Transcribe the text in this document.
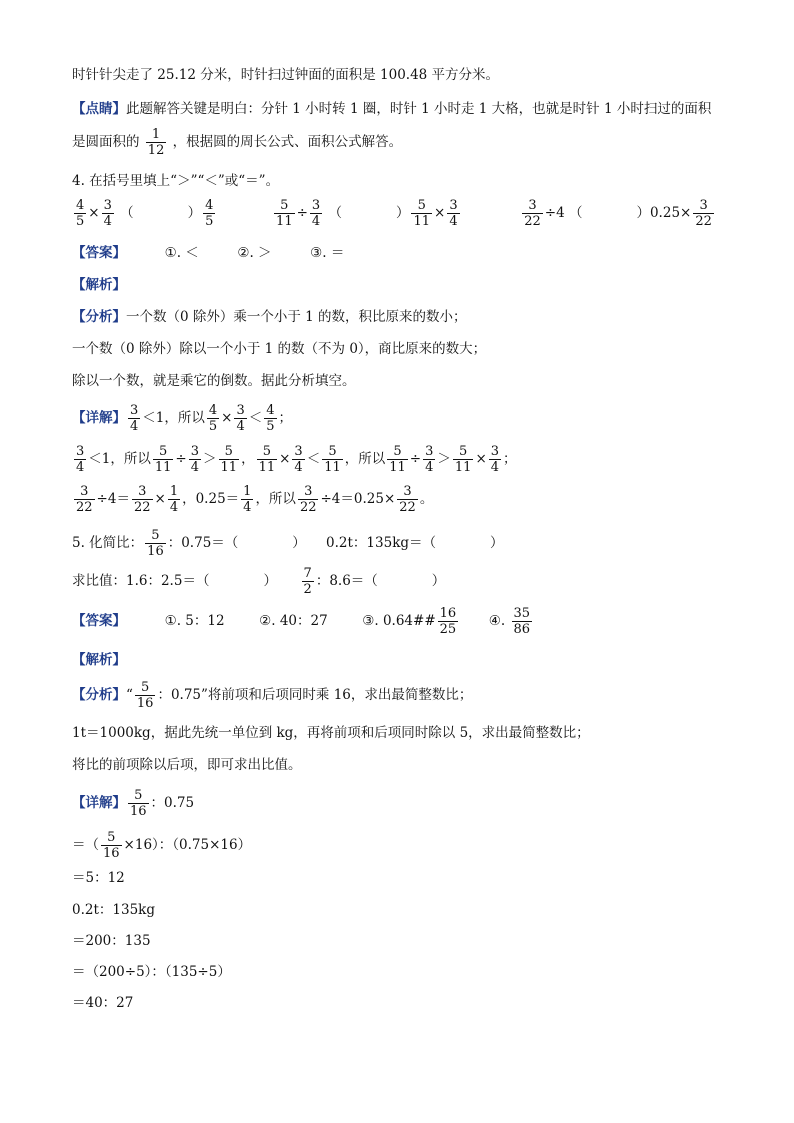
时针针尖走了 25.12 分米，时针扫过钟面的面积是 100.48 平方分米。
【点睛】此题解答关键是明白：分针 1 小时转 1 圈，时针 1 小时走 1 大格，也就是时针 1 小时扫过的面积
是圆面积的 $\frac{1}{12}$ ，根据圆的周长公式、面积公式解答。
4. 在括号里填上“＞”“＜”或“＝”。
$\frac{4}{5} \times \frac{3}{4}$ （　　　　） $\frac{4}{5}$
	$\frac{5}{11} \div \frac{3}{4}$ （　　　　） $\frac{5}{11} \times \frac{3}{4}$
	$\frac{3}{22} \div 4$ （　　　　）$0.25\times \frac{3}{22}$
【答案】	①. ＜	②. ＞	③. ＝
【解析】
【分析】一个数（0 除外）乘一个小于 1 的数，积比原来的数小；
一个数（0 除外）除以一个小于 1 的数（不为 0），商比原来的数大；
除以一个数，就是乘它的倒数。据此分析填空。
【详解】 $\frac{3}{4} <1$，所以 $\frac{4}{5} \times \frac{3}{4} < \frac{4}{5}$ ；
$\frac{3}{4} <1$，所以 $\frac{5}{11} \div \frac{3}{4} > \frac{5}{11}$ ， $\frac{5}{11} \times \frac{3}{4} < \frac{5}{11}$ ，所以 $\frac{5}{11} \div \frac{3}{4} > \frac{5}{11} \times \frac{3}{4}$ ；
$\frac{3}{22} \div 4= \frac{3}{22} \times \frac{1}{4}$ ，$0.25= \frac{1}{4}$ ，所以 $\frac{3}{22} \div 4=0.25\times \frac{3}{22}$ 。
5. 化简比： $\frac{5}{16}$ ：0.75＝（　　　　）　　0.2t：135kg＝（　　　　）
求比值：1.6：2.5＝（　　　　） $\frac{7}{2}$ ：8.6＝（　　　　）
【答案】	①. 5：12	②. 40：27	③. 0.64## $\frac{16}{25}$ ④. $\frac{35}{86}$
【解析】
【分析】“ $\frac{5}{16}$ ：0.75”将前项和后项同时乘 16，求出最简整数比；
1t＝1000kg，据此先统一单位到 kg，再将前项和后项同时除以 5，求出最简整数比；
将比的前项除以后项，即可求出比值。
【详解】 $\frac{5}{16}$ ：0.75
＝（ $\frac{5}{16} \times 16$）：（0.75×16）
＝5：12
0.2t：135kg
＝200：135
＝（200÷5）：（135÷5）
＝40：27
